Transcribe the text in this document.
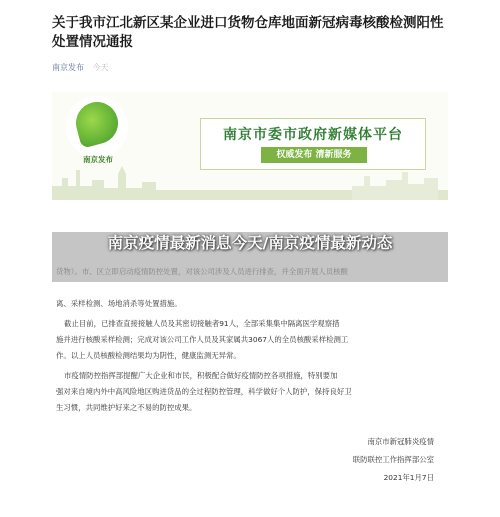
关于我市江北新区某企业进口货物仓库地面新冠病毒核酸检测阳性处置情况通报
南京发布 今天
南京发布
南京市委市政府新媒体平台
权威发布 清新服务
货物）。市、区立即启动疫情防控处置，对该公司涉及人员进行排查，并全面开展人员核酸
离、采样检测、场地消杀等处置措施。
截止目前，已排查直接接触人员及其密切接触者91人，全部采集集中隔离医学观察措
施并进行核酸采样检测；完成对该公司工作人员及其家属共3067人的全员核酸采样检测工
作。以上人员核酸检测结果均为阴性，健康监测无异常。
市疫情防控指挥部提醒广大企业和市民，积极配合做好疫情防控各项措施，特别要加
强对来自境内外中高风险地区购进货品的全过程防控管理，科学做好个人防护，保持良好卫
生习惯，共同维护好来之不易的防控成果。
南京市新冠肺炎疫情
联防联控工作指挥部公室
2021年1月7日
南京疫情最新消息今天/南京疫情最新动态
